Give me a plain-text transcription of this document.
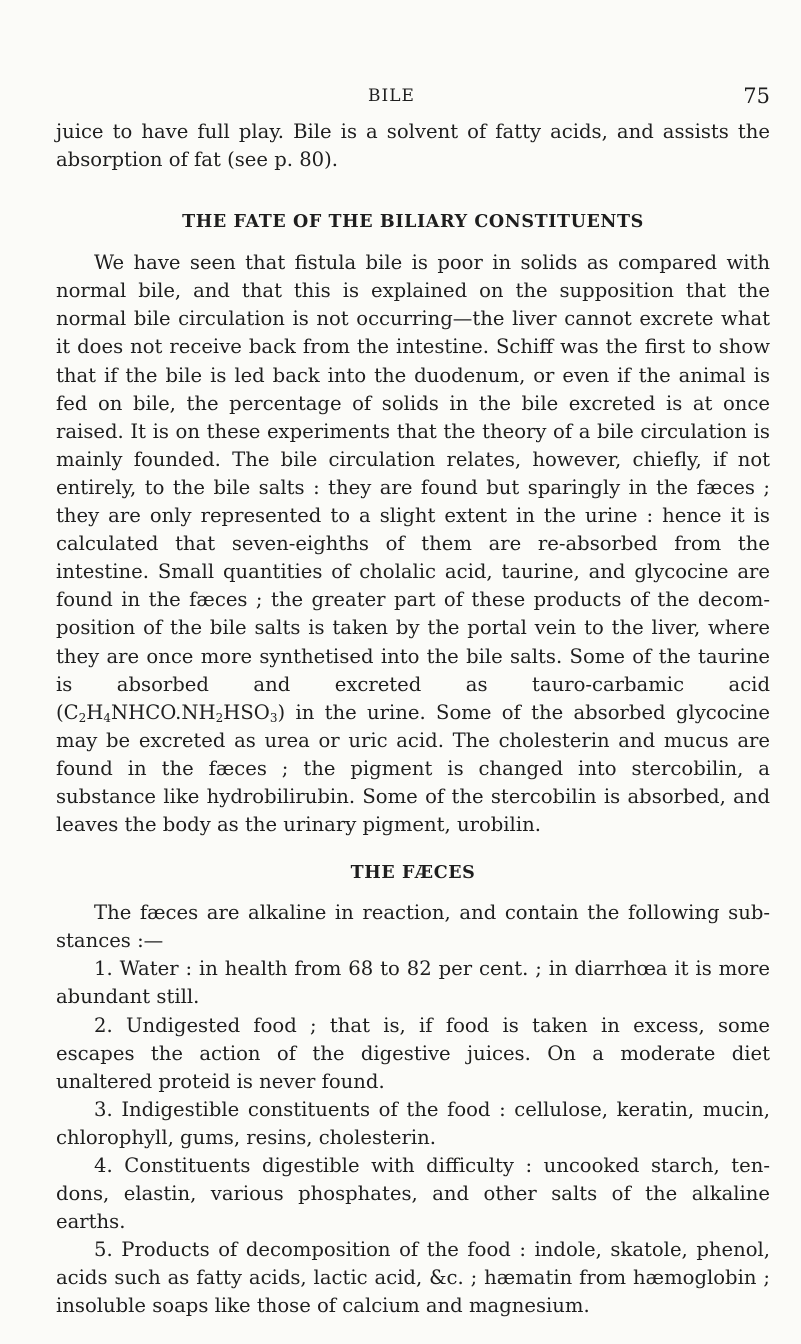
BILE	75

juice to have full play. Bile is a solvent of fatty acids, and assists the absorption of fat (see p. 80).

THE FATE OF THE BILIARY CONSTITUENTS

We have seen that fistula bile is poor in solids as compared with normal bile, and that this is explained on the supposition that the normal bile circulation is not occurring—the liver cannot excrete what it does not receive back from the intestine. Schiff was the first to show that if the bile is led back into the duodenum, or even if the animal is fed on bile, the percentage of solids in the bile excreted is at once raised. It is on these experiments that the theory of a bile circulation is mainly founded. The bile circulation relates, however, chiefly, if not entirely, to the bile salts : they are found but sparingly in the fæces ; they are only represented to a slight extent in the urine : hence it is calculated that seven-eighths of them are re-absorbed from the intestine. Small quantities of cholalic acid, taurine, and glycocine are found in the fæces ; the greater part of these products of the decom-position of the bile salts is taken by the portal vein to the liver, where they are once more synthetised into the bile salts. Some of the taurine is absorbed and excreted as tauro-carbamic acid $(C_2H_4NHCO.NH_2HSO_3)$ in the urine. Some of the absorbed glycocine may be excreted as urea or uric acid. The cholesterin and mucus are found in the fæces ; the pigment is changed into stercobilin, a substance like hydrobilirubin. Some of the stercobilin is absorbed, and leaves the body as the urinary pigment, urobilin.

THE FÆCES

The fæces are alkaline in reaction, and contain the following sub-stances :—

1. Water : in health from 68 to 82 per cent. ; in diarrhœa it is more abundant still.

2. Undigested food ; that is, if food is taken in excess, some escapes the action of the digestive juices. On a moderate diet unaltered proteid is never found.

3. Indigestible constituents of the food : cellulose, keratin, mucin, chlorophyll, gums, resins, cholesterin.

4. Constituents digestible with difficulty : uncooked starch, ten-dons, elastin, various phosphates, and other salts of the alkaline earths.

5. Products of decomposition of the food : indole, skatole, phenol, acids such as fatty acids, lactic acid, &c. ; hæmatin from hæmoglobin ; insoluble soaps like those of calcium and magnesium.
